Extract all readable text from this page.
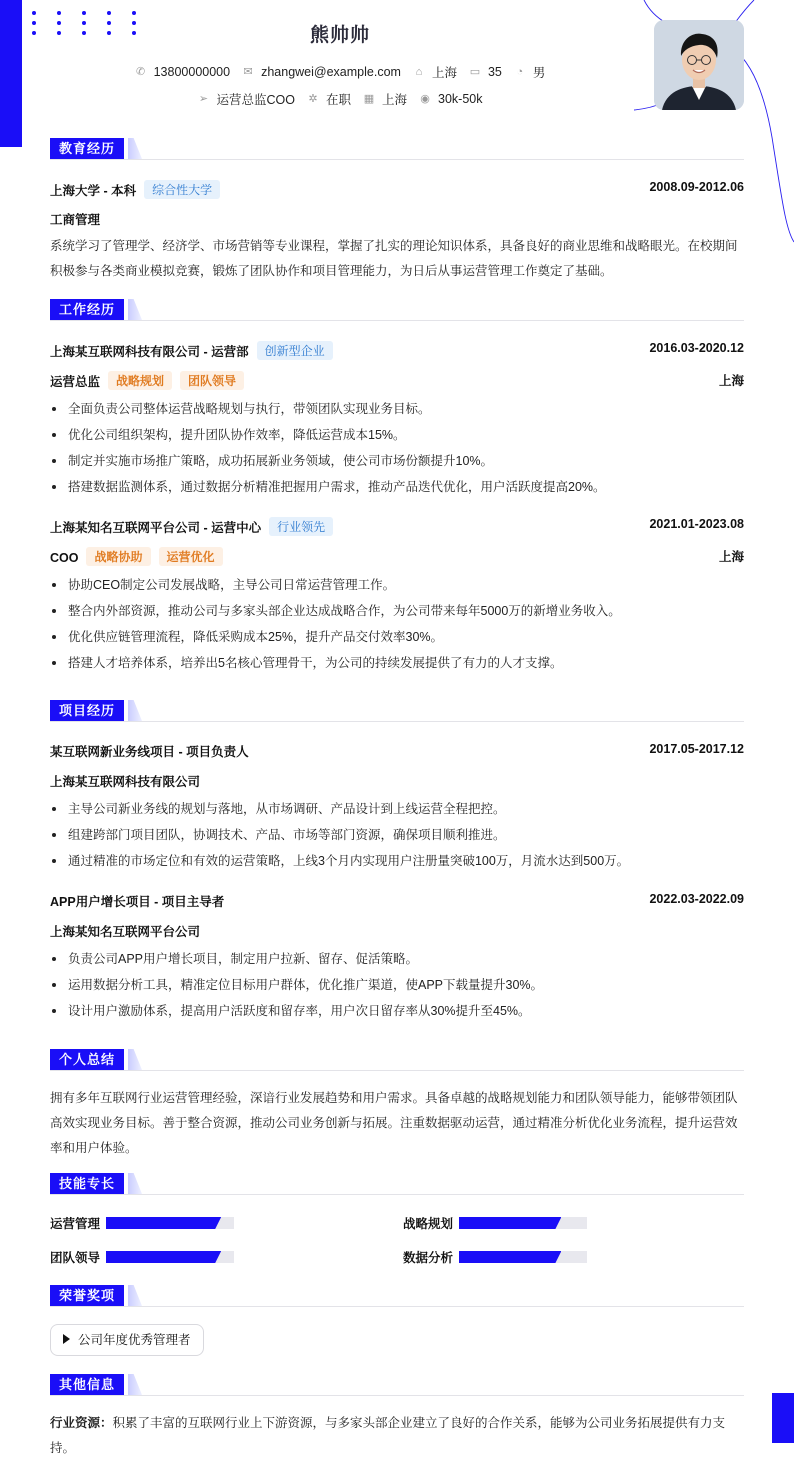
熊帅帅
✆ 13800000000 ✉ zhangwei@example.com ⌂ 上海 ▭ 35 ◔ 男
➢ 运营总监COO ✲ 在职 ▦ 上海 ◉ 30k-50k
教育经历
上海大学 - 本科 综合性大学	2008.09-2012.06
工商管理
系统学习了管理学、经济学、市场营销等专业课程，掌握了扎实的理论知识体系，具备良好的商业思维和战略眼光。在校期间积极参与各类商业模拟竞赛，锻炼了团队协作和项目管理能力，为日后从事运营管理工作奠定了基础。
工作经历
上海某互联网科技有限公司 - 运营部 创新型企业	2016.03-2020.12
运营总监 战略规划 团队领导	上海
全面负责公司整体运营战略规划与执行，带领团队实现业务目标。
优化公司组织架构，提升团队协作效率，降低运营成本15%。
制定并实施市场推广策略，成功拓展新业务领域，使公司市场份额提升10%。
搭建数据监测体系，通过数据分析精准把握用户需求，推动产品迭代优化，用户活跃度提高20%。
上海某知名互联网平台公司 - 运营中心 行业领先	2021.01-2023.08
COO 战略协助 运营优化	上海
协助CEO制定公司发展战略，主导公司日常运营管理工作。
整合内外部资源，推动公司与多家头部企业达成战略合作，为公司带来每年5000万的新增业务收入。
优化供应链管理流程，降低采购成本25%，提升产品交付效率30%。
搭建人才培养体系，培养出5名核心管理骨干，为公司的持续发展提供了有力的人才支撑。
项目经历
某互联网新业务线项目 - 项目负责人	2017.05-2017.12
上海某互联网科技有限公司
主导公司新业务线的规划与落地，从市场调研、产品设计到上线运营全程把控。
组建跨部门项目团队，协调技术、产品、市场等部门资源，确保项目顺利推进。
通过精准的市场定位和有效的运营策略，上线3个月内实现用户注册量突破100万，月流水达到500万。
APP用户增长项目 - 项目主导者	2022.03-2022.09
上海某知名互联网平台公司
负责公司APP用户增长项目，制定用户拉新、留存、促活策略。
运用数据分析工具，精准定位目标用户群体，优化推广渠道，使APP下载量提升30%。
设计用户激励体系，提高用户活跃度和留存率，用户次日留存率从30%提升至45%。
个人总结
拥有多年互联网行业运营管理经验，深谙行业发展趋势和用户需求。具备卓越的战略规划能力和团队领导能力，能够带领团队高效实现业务目标。善于整合资源，推动公司业务创新与拓展。注重数据驱动运营，通过精准分析优化业务流程，提升运营效率和用户体验。
技能专长
运营管理	战略规划
团队领导	数据分析
荣誉奖项
公司年度优秀管理者
其他信息
行业资源：积累了丰富的互联网行业上下游资源，与多家头部企业建立了良好的合作关系，能够为公司业务拓展提供有力支持。
